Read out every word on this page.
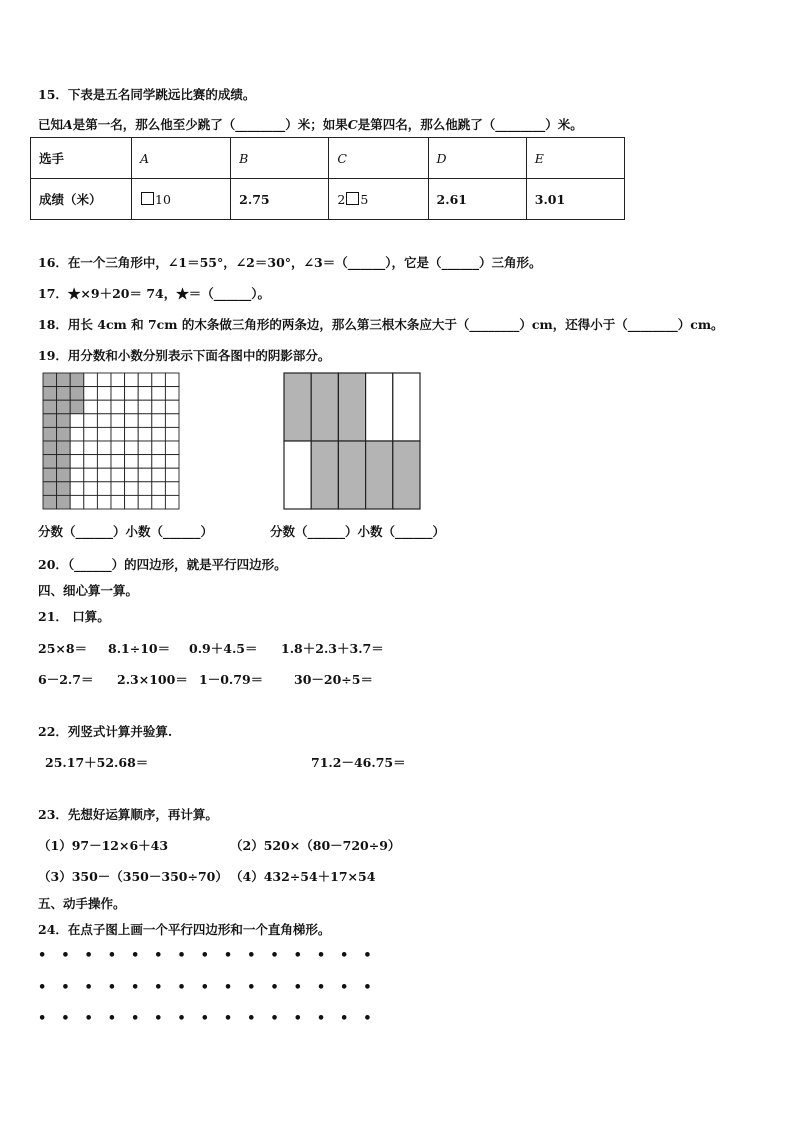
15．下表是五名同学跳远比赛的成绩。
已知A是第一名，那么他至少跳了（________）米；如果C是第四名，那么他跳了（________）米。
选手	A	B	C	D	E
成绩（米）	10	2.75	2 5	2.61	3.01
16．在一个三角形中，∠1＝55°，∠2＝30°，∠3＝（______），它是（______）三角形。
17．★×9＋20＝ 74，★＝（______）。
18．用长 4cm 和 7cm 的木条做三角形的两条边，那么第三根木条应大于（________）cm，还得小于（________）cm。
19．用分数和小数分别表示下面各图中的阴影部分。
分数（______）小数（______）	分数（______）小数（______）
20．（______）的四边形，就是平行四边形。
四、细心算一算。
21． 口算。
25×8＝ 8.1÷10＝ 0.9＋4.5＝ 1.8＋2.3＋3.7＝
6－2.7＝ 2.3×100＝ 1－0.79＝ 30－20÷5＝
22．列竖式计算并验算.
25.17＋52.68＝	71.2－46.75＝
23．先想好运算顺序，再计算。
（1）97－12×6＋43	（2）520×（80－720÷9）
（3）350－（350－350÷70） （4）432÷54＋17×54
五、动手操作。
24．在点子图上画一个平行四边形和一个直角梯形。
• • • • • • • • • • • • • • •
• • • • • • • • • • • • • • •
• • • • • • • • • • • • • • •
